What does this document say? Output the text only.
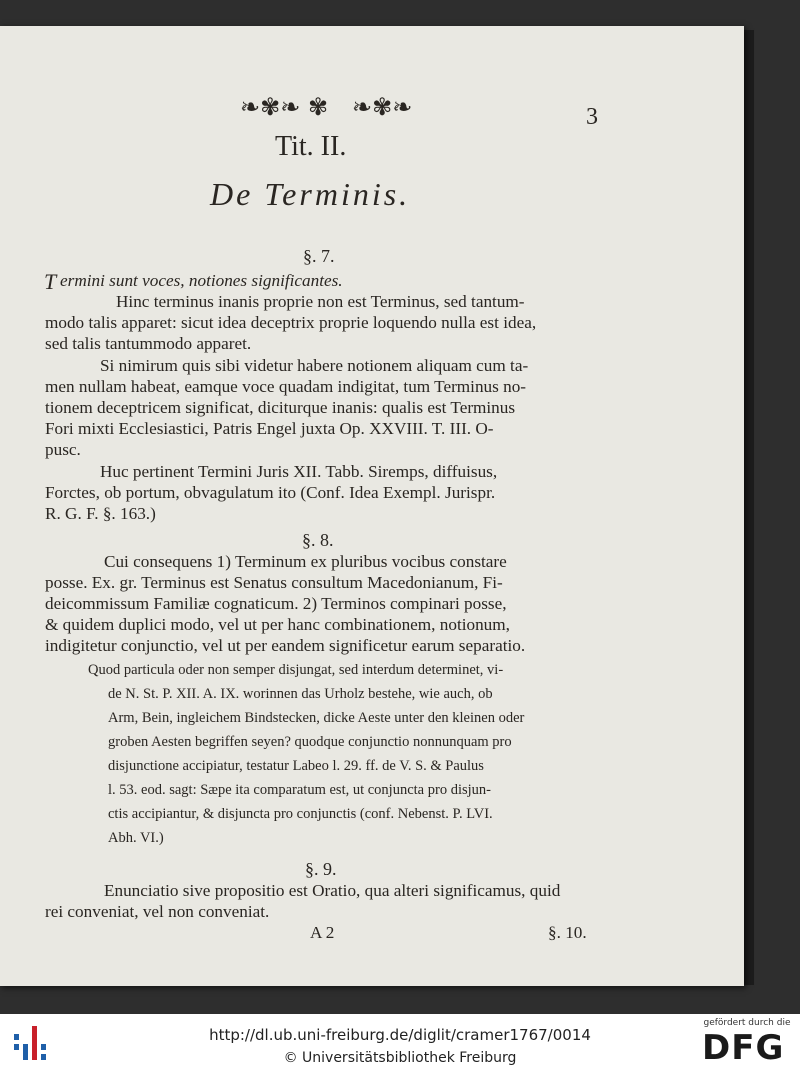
❧✾❧ ✾ ❧✾❧	3
Tit. II.
De Terminis.
§. 7.
T ermini sunt voces, notiones significantes.
Hinc terminus inanis proprie non est Terminus, sed tantum-
modo talis apparet: sicut idea deceptrix proprie loquendo nulla est idea,
sed talis tantummodo apparet.
Si nimirum quis sibi videtur habere notionem aliquam cum ta-
men nullam habeat, eamque voce quadam indigitat, tum Terminus no-
tionem deceptricem significat, diciturque inanis: qualis est Terminus
Fori mixti Ecclesiastici, Patris Engel juxta Op. XXVIII. T. III. O-
pusc.
Huc pertinent Termini Juris XII. Tabb. Siremps, diffuisus,
Forctes, ob portum, obvagulatum ito (Conf. Idea Exempl. Jurispr.
R. G. F. §. 163.)
§. 8.
Cui consequens 1) Terminum ex pluribus vocibus constare
posse. Ex. gr. Terminus est Senatus consultum Macedonianum, Fi-
deicommissum Familiæ cognaticum. 2) Terminos compinari posse,
& quidem duplici modo, vel ut per hanc combinationem, notionum,
indigitetur conjunctio, vel ut per eandem significetur earum separatio.
Quod particula oder non semper disjungat, sed interdum determinet, vi-
de N. St. P. XII. A. IX. worinnen das Urholz bestehe, wie auch, ob
Arm, Bein, ingleichem Bindstecken, dicke Aeste unter den kleinen oder
groben Aesten begriffen seyen? quodque conjunctio nonnunquam pro
disjunctione accipiatur, testatur Labeo l. 29. ff. de V. S. & Paulus
l. 53. eod. sagt: Sæpe ita comparatum est, ut conjuncta pro disjun-
ctis accipiantur, & disjuncta pro conjunctis (conf. Nebenst. P. LVI.
Abh. VI.)
§. 9.
Enunciatio sive propositio est Oratio, qua alteri significamus, quid
rei conveniat, vel non conveniat.
A 2	§. 10.
http://dl.ub.uni-freiburg.de/diglit/cramer1767/0014
© Universitätsbibliothek Freiburg
gefördert durch die
DFG
